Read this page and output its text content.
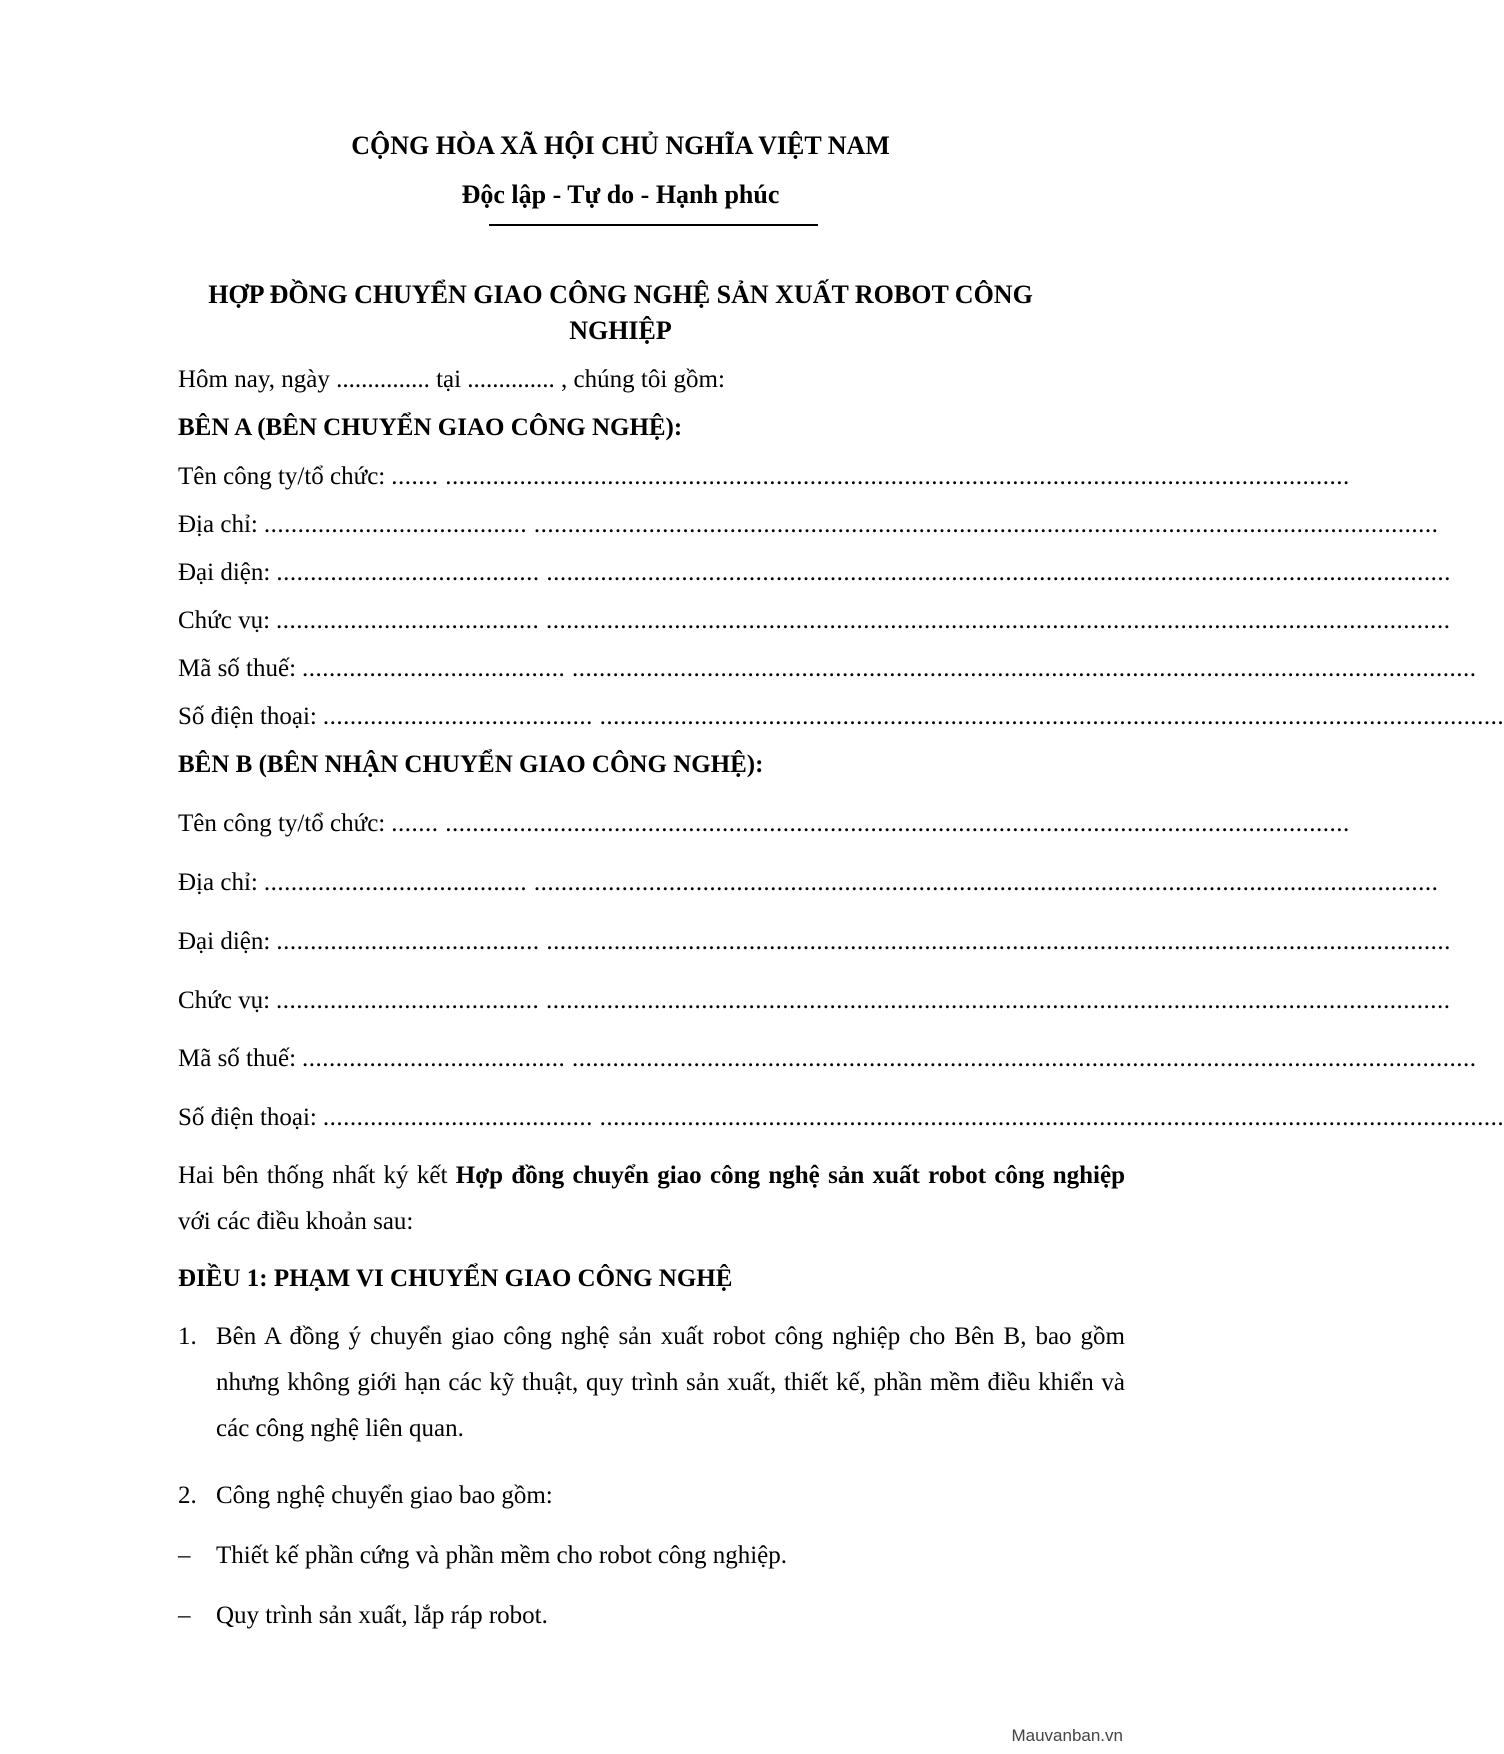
CỘNG HÒA XÃ HỘI CHỦ NGHĨA VIỆT NAM
Độc lập - Tự do - Hạnh phúc
HỢP ĐỒNG CHUYỂN GIAO CÔNG NGHỆ SẢN XUẤT ROBOT CÔNG
NGHIỆP
Hôm nay, ngày ............... tại .............. , chúng tôi gồm:
BÊN A (BÊN CHUYỂN GIAO CÔNG NGHỆ):
Tên công ty/tổ chức: ....... ......................................................................................................................................
Địa chỉ: ....................................... ......................................................................................................................................
Đại diện: ....................................... ......................................................................................................................................
Chức vụ: ....................................... ......................................................................................................................................
Mã số thuế: ....................................... ......................................................................................................................................
Số điện thoại: ........................................ ......................................................................................................................................
BÊN B (BÊN NHẬN CHUYỂN GIAO CÔNG NGHỆ):
Tên công ty/tổ chức: ....... ......................................................................................................................................
Địa chỉ: ....................................... ......................................................................................................................................
Đại diện: ....................................... ......................................................................................................................................
Chức vụ: ....................................... ......................................................................................................................................
Mã số thuế: ....................................... ......................................................................................................................................
Số điện thoại: ........................................ ......................................................................................................................................
Hai bên thống nhất ký kết Hợp đồng chuyển giao công nghệ sản xuất robot công nghiệp với các điều khoản sau:
ĐIỀU 1: PHẠM VI CHUYỂN GIAO CÔNG NGHỆ
1. Bên A đồng ý chuyển giao công nghệ sản xuất robot công nghiệp cho Bên B, bao gồm nhưng không giới hạn các kỹ thuật, quy trình sản xuất, thiết kế, phần mềm điều khiển và các công nghệ liên quan.
2. Công nghệ chuyển giao bao gồm:
–	Thiết kế phần cứng và phần mềm cho robot công nghiệp.
–	Quy trình sản xuất, lắp ráp robot.
Mauvanban.vn
